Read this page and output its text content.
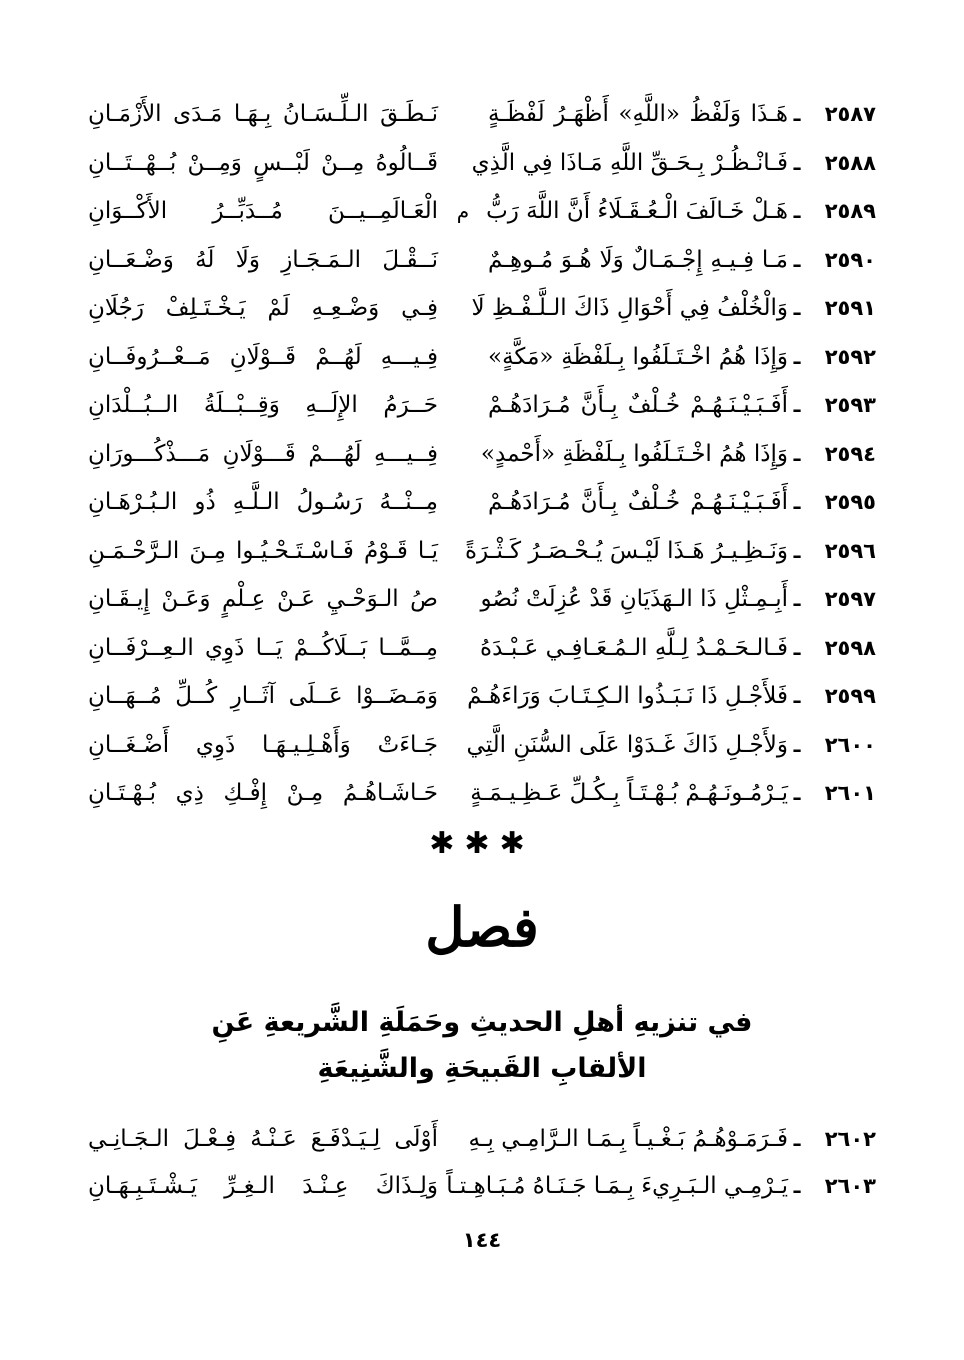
٢٥٨٧
ـ
هَـذَا وَلَفْظُ «اللَّهِ» أَظْهَـرُ لَفْظَـةٍ
نَـطَـقَ الـلِّـسَـانُ بِـهَـا مَـدَى الأَزْمَـانِ
٢٥٨٨
ـ
فَـانْـظُـرْ بِـحَـقِّ اللَّهِ مَـاذَا فِي الَّذِي
قَــالُوهُ مِــنْ لَبْــسٍ وَمِــنْ بُــهْــتَــانِ
٢٥٨٩
ـ
هَـلْ خَـالَفَ الْـعُـقَـلَاءُ أَنَّ اللَّهَ رَبُّ
م
الْعَـالَمِــيــنَ مُــدَبِّــرُ الأَكْــوَانِ
٢٥٩٠
ـ
مَـا فِـيـهِ إِجْـمَـالٌ وَلَا هُـوَ مُـوهِـمٌ
نَــقْـلَ الـمَـجَـازِ وَلَا لَهُ وَضْـعَــانِ
٢٥٩١
ـ
وَالْخُلْفُ فِي أَحْوَالِ ذَاكَ الـلَّـفْـظِ لَا
فِـي وَضْـعِـهِ لَمْ يَـخْـتَـلِفْ رَجُلَانِ
٢٥٩٢
ـ
وَإِذَا هُمُ اخْـتَـلَفُوا بِـلَفْظَةِ «مَكَّةٍ»
فِـيـــهِ لَهُــمْ قَــوْلَانِ مَــعْــرُوفَــانِ
٢٥٩٣
ـ
أَفَـبَـيْـنَـهُـمْ خُـلْفٌ بِـأَنَّ مُـرَادَهُـمْ
حَــرَمُ الإِلَــهِ وَقِــبْــلَةُ الــبُــلْدَانِ
٢٥٩٤
ـ
وَإِذَا هُمُ اخْـتَـلَفُوا بِـلَفْظَةِ «أَحْمدٍ»
فِــيـــهِ لَهُـــمْ قَـــوْلَانِ مَـــذْكُـــورَانِ
٢٥٩٥
ـ
أَفَـبَـيْـنَـهُـمْ خُـلْفٌ بِـأَنَّ مُـرَادَهُـمْ
مِــنْــهُ رَسُـولُ الـلَّـهِ ذُو الـبُـرْهَـانِ
٢٥٩٦
ـ
وَنَـظِـيـرُ هَـذَا لَيْـسَ يُـحْـصَـرُ كَـثْـرَةً
يَـا قَـوْمُ فَـاسْـتَـحْـيُـوا مِـنَ الـرَّحْـمَـنِ
٢٥٩٧
ـ
أَبِـمِـثْلِ ذَا الـهَذَيَانِ قَدْ عُزِلَتْ نُصُو
صُ الـوَحْـيِ عَـنْ عِـلْمٍ وَعَـنْ إِيـقَـانِ
٢٥٩٨
ـ
فَـالـحَـمْـدُ لِـلَّهِ الـمُـعَـافِـي عَـبْـدَهُ
مِــمَّــا بَــلَاكُــمْ يَــا ذَوِي الـعِــرْفَــانِ
٢٥٩٩
ـ
فَلأَجْـلِ ذَا نَـبَـذُوا الـكِـتَـابَ وَرَاءَهُـمْ
وَمَـضَــوْا عَــلَى آثَــارِ كُــلِّ مُــهَــانِ
٢٦٠٠
ـ
وَلأَجْـلِ ذَاكَ غَـدَوْا عَلَى السُّنَنِ الَّتِي
جَـاءَتْ وَأَهْـلِـيـهَـا ذَوِي أَضْـغَــانِ
٢٦٠١
ـ
يَـرْمُـونَـهُـمْ بُـهْـتَـاً بِـكُـلِّ عَـظِـيـمَـةٍ
حَـاشَـاهُـمُ مِـنْ إِفْـكِ ذِي بُـهْـتَـانِ
✱✱✱
فصل
في تنزيهِ أهلِ الحديثِ وحَمَلَةِ الشَّريعةِ عَنِ
الألقابِ القَبيحَةِ والشَّنِيعَةِ
٢٦٠٢
ـ
فَـرَمَـوْهُـمُ بَـغْـيـاً بِـمَـا الـرَّامِـي بِـهِ
أَوْلَى لِـيَـدْفَـعَ عَـنْـهُ فِـعْـلَ الـجَـانِـي
٢٦٠٣
ـ
يَـرْمِـي الـبَـرِيءَ بِـمَـا جَـنَـاهُ مُـبَـاهِـتـاً
وَلِـذَاكَ عِـنْـدَ الـغِـرِّ يَـشْـتَـبِـهَـانِ
١٤٤
